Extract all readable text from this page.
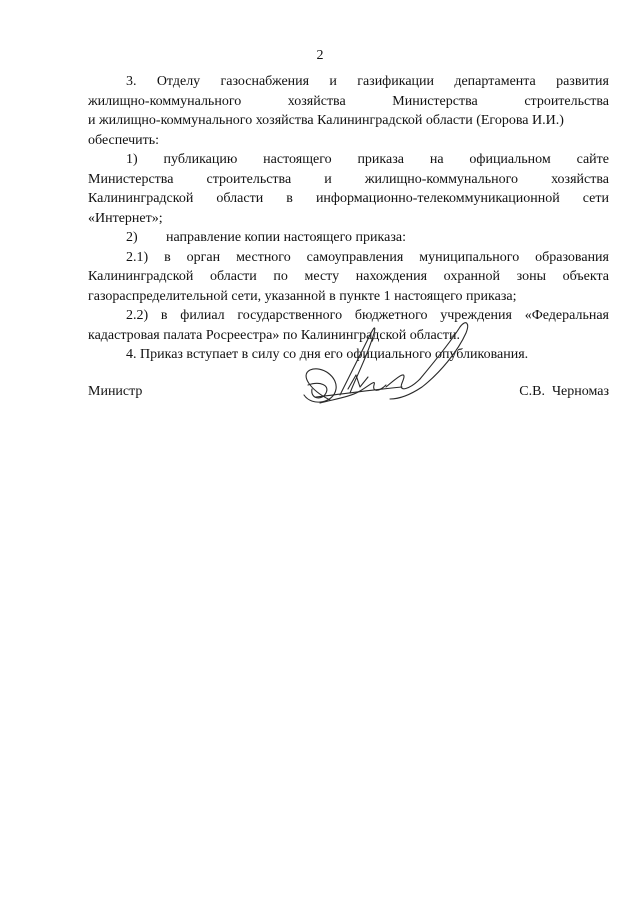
2

3. Отделу газоснабжения и газификации департамента развития

жилищно-коммунального хозяйства Министерства строительства

и жилищно-коммунального хозяйства Калининградской области (Егорова И.И.)

обеспечить:

1) публикацию настоящего приказа на официальном сайте

Министерства строительства и жилищно-коммунального хозяйства

Калининградской области в информационно-телекоммуникационной сети

«Интернет»;

2)	направление копии настоящего приказа:

2.1) в орган местного самоуправления муниципального образования

Калининградской области по месту нахождения охранной зоны объекта

газораспределительной сети, указанной в пункте 1 настоящего приказа;

2.2) в филиал государственного бюджетного учреждения «Федеральная

кадастровая палата Росреестра» по Калининградской области.

4. Приказ вступает в силу со дня его официального опубликования.

Министр	С.В.  Черномаз
